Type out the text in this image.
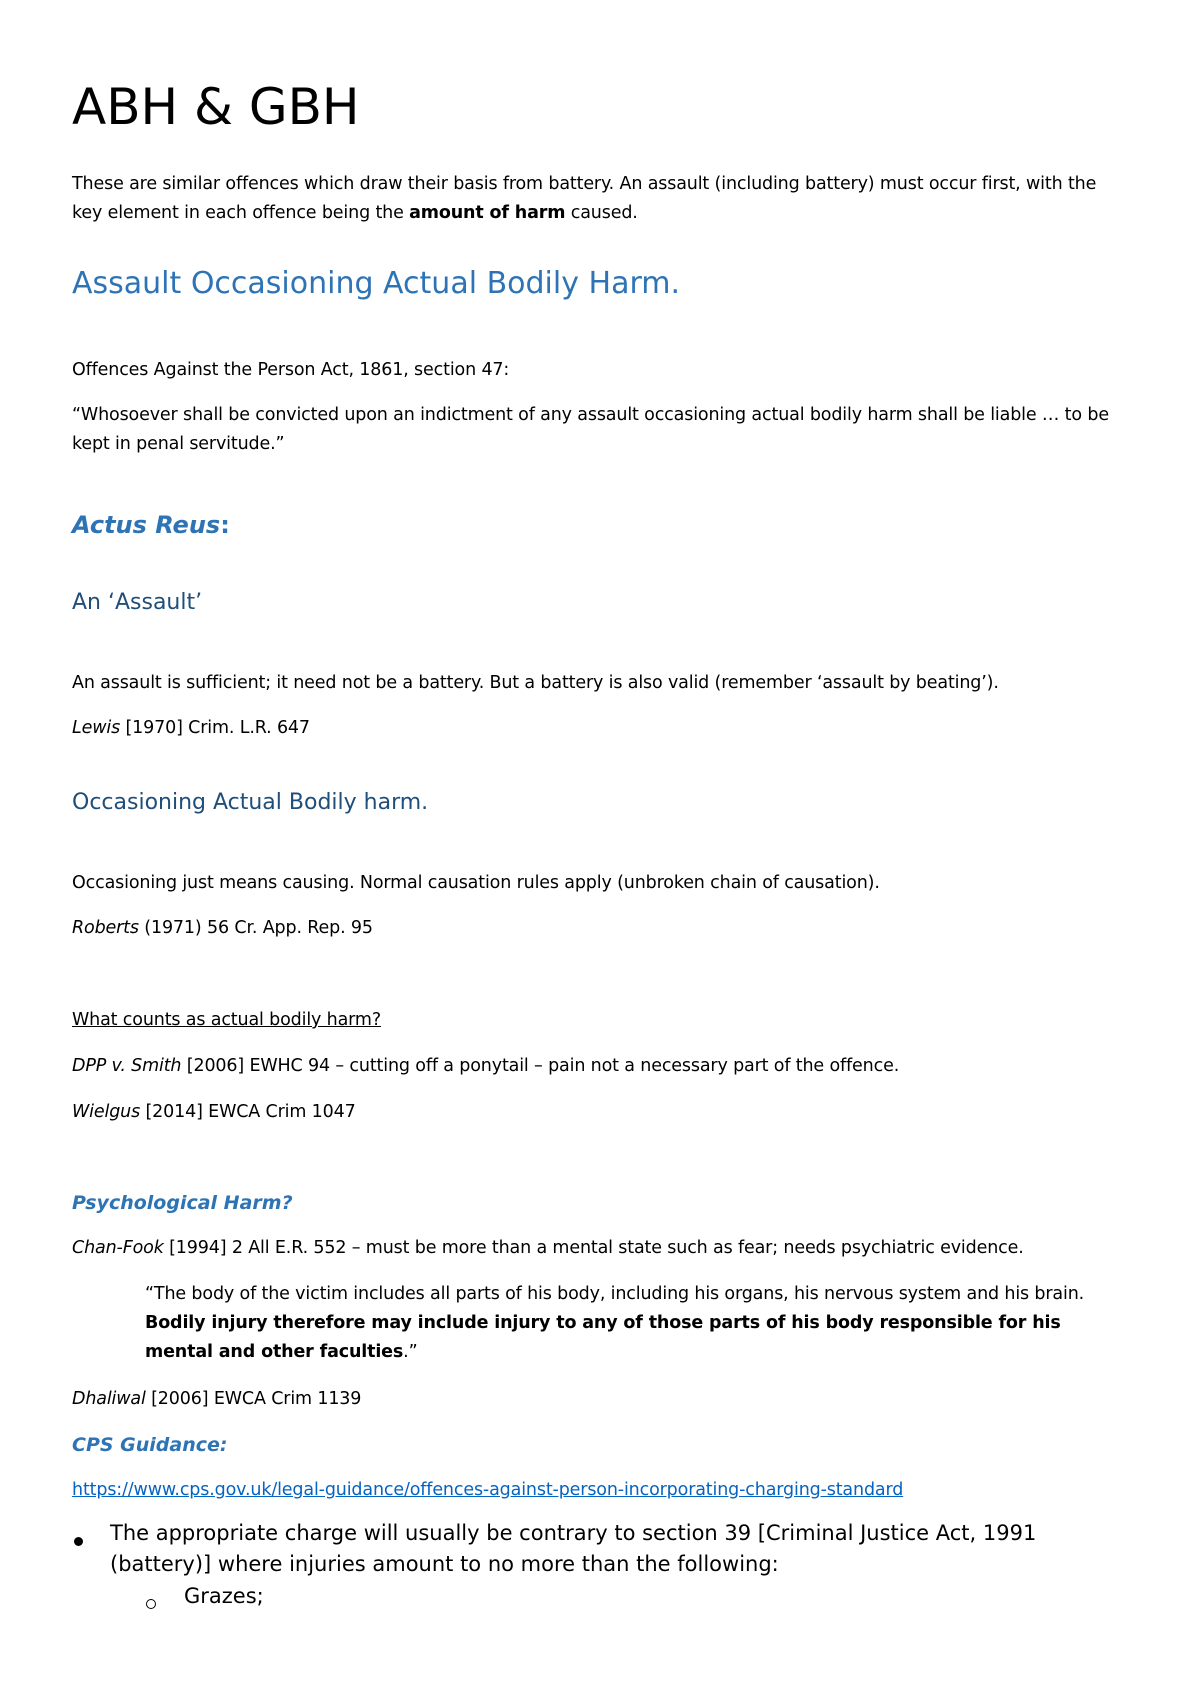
ABH & GBH

These are similar offences which draw their basis from battery. An assault (including battery) must occur first, with the key element in each offence being the amount of harm caused.

Assault Occasioning Actual Bodily Harm.

Offences Against the Person Act, 1861, section 47:

“Whosoever shall be convicted upon an indictment of any assault occasioning actual bodily harm shall be liable … to be kept in penal servitude.”

Actus Reus:
An ‘Assault’

An assault is sufficient; it need not be a battery. But a battery is also valid (remember ‘assault by beating’).

Lewis [1970] Crim. L.R. 647

Occasioning Actual Bodily harm.

Occasioning just means causing. Normal causation rules apply (unbroken chain of causation).

Roberts (1971) 56 Cr. App. Rep. 95

What counts as actual bodily harm?

DPP v. Smith [2006] EWHC 94 – cutting off a ponytail – pain not a necessary part of the offence.

Wielgus [2014] EWCA Crim 1047

Psychological Harm?

Chan-Fook [1994] 2 All E.R. 552 – must be more than a mental state such as fear; needs psychiatric evidence.

“The body of the victim includes all parts of his body, including his organs, his nervous system and his brain. Bodily injury therefore may include injury to any of those parts of his body responsible for his mental and other faculties.”

Dhaliwal [2006] EWCA Crim 1139

CPS Guidance:

https://www.cps.gov.uk/legal-guidance/offences-against-person-incorporating-charging-standard

The appropriate charge will usually be contrary to section 39 [Criminal Justice Act, 1991 (battery)] where injuries amount to no more than the following:

Grazes;
